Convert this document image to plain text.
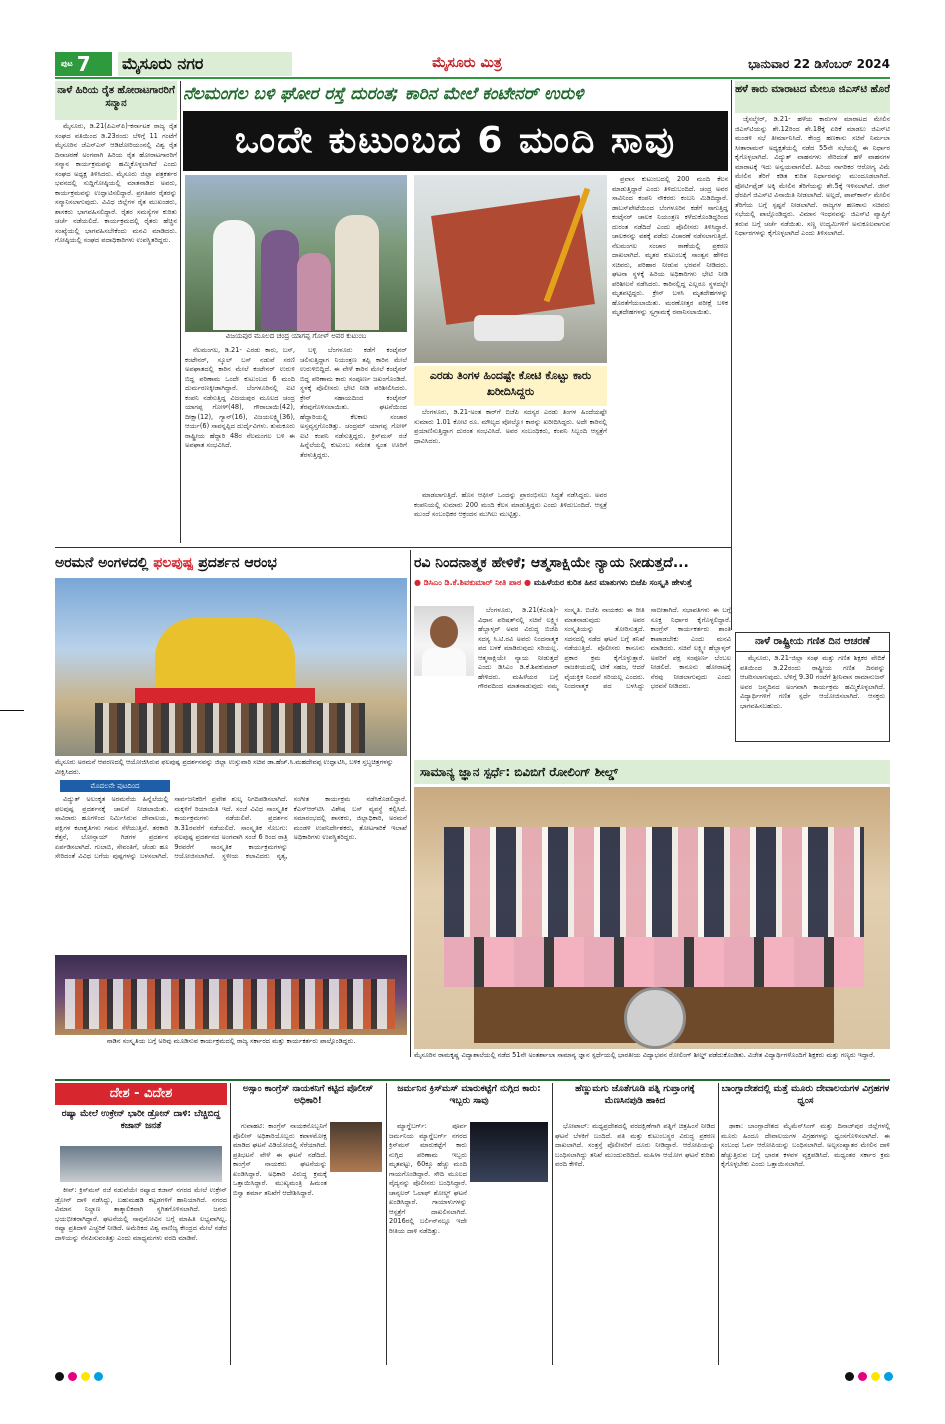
ಪುಟ 7 ಮೈಸೂರು ನಗರ	ಮೈಸೂರು ಮಿತ್ರ	ಭಾನುವಾರ 22 ಡಿಸೆಂಬರ್ 2024
ನಾಳೆ ಹಿರಿಯ ರೈತ ಹೋರಾಟಗಾರರಿಗೆ ಸನ್ಮಾನ

ಮೈಸೂರು, ಡಿ.21(ಪಿಎಸ್‌ಪಿ)-ಕರ್ನಾಟಕ ರಾಜ್ಯ ರೈತ ಸಂಘದ ವತಿಯಿಂದ ಡಿ.23ರಂದು ಬೆಳಿಗ್ಗೆ 11 ಗಂಟೆಗೆ ಮೈಸೂರಿನ ಜೆಎಸ್‌ಎಸ್ ಆಡಿಟೋರಿಯಂನಲ್ಲಿ ವಿಶ್ವ ರೈತ ದಿನಾಚರಣೆ ಅಂಗವಾಗಿ ಹಿರಿಯ ರೈತ ಹೋರಾಟಗಾರರಿಗೆ ಸನ್ಮಾನ ಕಾರ್ಯಕ್ರಮವನ್ನು ಹಮ್ಮಿಕೊಳ್ಳಲಾಗಿದೆ ಎಂದು ಸಂಘದ ಅಧ್ಯಕ್ಷ ತಿಳಿಸಿದರು. ಮೈಸೂರು ಜಿಲ್ಲಾ ಪತ್ರಕರ್ತರ ಭವನದಲ್ಲಿ ಸುದ್ದಿಗೋಷ್ಠಿಯಲ್ಲಿ ಮಾತನಾಡಿದ ಅವರು, ಕಾರ್ಯಕ್ರಮವನ್ನು ಉದ್ಘಾಟಿಸಲಿದ್ದಾರೆ. ಪ್ರಗತಿಪರ ರೈತರನ್ನು ಸನ್ಮಾನಿಸಲಾಗುವುದು. ವಿವಿಧ ಜಿಲ್ಲೆಗಳ ರೈತ ಮುಖಂಡರು, ಶಾಸಕರು ಭಾಗವಹಿಸಲಿದ್ದಾರೆ. ರೈತರ ಸಮಸ್ಯೆಗಳ ಕುರಿತು ಚರ್ಚೆ ನಡೆಯಲಿದೆ. ಕಾರ್ಯಕ್ರಮದಲ್ಲಿ ರೈತರು ಹೆಚ್ಚಿನ ಸಂಖ್ಯೆಯಲ್ಲಿ ಭಾಗವಹಿಸಬೇಕೆಂದು ಮನವಿ ಮಾಡಿದರು. ಗೋಷ್ಠಿಯಲ್ಲಿ ಸಂಘದ ಪದಾಧಿಕಾರಿಗಳು ಉಪಸ್ಥಿತರಿದ್ದರು.

ನೆಲಮಂಗಲ ಬಳಿ ಘೋರ ರಸ್ತೆ ದುರಂತ; ಕಾರಿನ ಮೇಲೆ ಕಂಟೇನರ್ ಉರುಳಿ
ಒಂದೇ ಕುಟುಂಬದ 6 ಮಂದಿ ಸಾವು
ವಿಜಯಪುರ ಮೂಲದ ಚಂದ್ರ ಯಾಗಪ್ಪ ಗೋಳ್ ಅವರ ಕುಟುಂಬ
ಎರಡು ತಿಂಗಳ ಹಿಂದಷ್ಟೇ ಕೋಟಿ ಕೊಟ್ಟು ಕಾರು ಖರೀದಿಸಿದ್ದರು

ಬೆಂಗಳೂರು, ಡಿ.21-ಅಂತ ಕಾರ್‌ಗೆ ಬಿಜೆಪಿ ಸದಸ್ಯರ ಎರಡು ತಿಂಗಳ ಹಿಂದೆಯಷ್ಟೇ ಸುಮಾರು 1.01 ಕೋಟಿ ರೂ. ಮೌಲ್ಯದ ವೋಲ್ವೋ ಕಾರನ್ನು ಖರೀದಿಸಿದ್ದರು. ಅದೇ ಕಾರಿನಲ್ಲಿ ಪ್ರಯಾಣಿಸುತ್ತಿದ್ದಾಗ ದುರಂತ ಸಂಭವಿಸಿದೆ. ಅವರ ಸಂಬಂಧಿಕರು, ಕಂಪನಿ ಸಿಬ್ಬಂದಿ ಆಸ್ಪತ್ರೆಗೆ ಧಾವಿಸಿದರು.

ಮಾಡಲಾಗುತ್ತಿದೆ. ಹೊಸ ಆಫೀಸ್ ಒಂದನ್ನು ಪ್ರಾರಂಭಿಸಲು ಸಿದ್ಧತೆ ನಡೆಸಿದ್ದರು. ಅವರ ಕಂಪನಿಯಲ್ಲಿ ಸುಮಾರು 200 ಮಂದಿ ಕೆಲಸ ಮಾಡುತ್ತಿದ್ದರು ಎಂದು ತಿಳಿದುಬಂದಿದೆ. ಆಸ್ಪತ್ರೆ ಮುಂದೆ ಸಂಬಂಧಿಕರ ಆಕ್ರಂದನ ಮುಗಿಲು ಮುಟ್ಟಿತ್ತು.

ನೆಲಮಂಗಲ, ಡಿ.21- ಎರಡು ಕಾರು, ಬಸ್, ಕಂಟೇನರ್, ಸ್ಕೂಲ್ ಬಸ್ ನಡುವೆ ಸರಣಿ ಅಪಘಾತದಲ್ಲಿ ಕಾರಿನ ಮೇಲೆ ಕಂಟೇನರ್ ಉರುಳಿ ಬಿದ್ದ ಪರಿಣಾಮ ಒಂದೇ ಕುಟುಂಬದ 6 ಮಂದಿ ದುರ್ಮರಣಕ್ಕೀಡಾಗಿದ್ದಾರೆ. ಬೆಂಗಳೂರಿನಲ್ಲಿ ಐಟಿ ಕಂಪನಿ ನಡೆಸುತ್ತಿದ್ದ ವಿಜಯಪುರ ಮೂಲದ ಚಂದ್ರ ಯಾಗಪ್ಪ ಗೋಳ್(48), ಗೌರಾಬಾಯಿ(42), ದೀಕ್ಷಾ(12), ಗ್ಯಾನ್(16), ವಿಜಯಲಕ್ಷ್ಮಿ(36), ಆರ್ಯ(6) ಸಾವನ್ನಪ್ಪಿದ ದುರ್ದೈವಿಗಳು. ತುಮಕೂರು ರಾಷ್ಟ್ರೀಯ ಹೆದ್ದಾರಿ 48ರ ನೆಲಮಂಗಲ ಬಳಿ ಈ ಅಪಘಾತ ಸಂಭವಿಸಿದೆ.

ಬಳ್ಳಿ ಬೆಂಗಳೂರು ಕಡೆಗೆ ಕಂಟೈನರ್ ಚಲಿಸುತ್ತಿದ್ದಾಗ ನಿಯಂತ್ರಣ ತಪ್ಪಿ ಕಾರಿನ ಮೇಲೆ ಉರುಳಿಬಿದ್ದಿದೆ. ಈ ವೇಳೆ ಕಾರಿನ ಮೇಲೆ ಕಂಟೈನರ್ ಬಿದ್ದ ಪರಿಣಾಮ ಕಾರು ಸಂಪೂರ್ಣ ಜಖಂಗೊಂಡಿದೆ. ಸ್ಥಳಕ್ಕೆ ಪೊಲೀಸರು ಭೇಟಿ ನೀಡಿ ಪರಿಶೀಲಿಸಿದರು. ಕ್ರೇನ್ ಸಹಾಯದಿಂದ ಕಂಟೈನರ್ ತೆರವುಗೊಳಿಸಲಾಯಿತು. ಘಟನೆಯಿಂದ ಹೆದ್ದಾರಿಯಲ್ಲಿ ಕೆಲಕಾಲ ಸಂಚಾರ ಅಸ್ತವ್ಯಸ್ತಗೊಂಡಿತ್ತು. ಚಂದ್ರಮ್ ಯಾಗಪ್ಪ ಗೋಳ್ ಐಟಿ ಕಂಪನಿ ನಡೆಸುತ್ತಿದ್ದರು. ಕ್ರಿಸ್‌ಮಸ್ ರಜೆ ಹಿನ್ನೆಲೆಯಲ್ಲಿ ಕುಟುಂಬ ಸಮೇತ ಸ್ವಂತ ಊರಿಗೆ ತೆರಳುತ್ತಿದ್ದರು.

ಪ್ರವಾಸ ಕುಟುಂಬದಲ್ಲಿ 200 ಮಂದಿ ಕೆಲಸ ಮಾಡುತ್ತಿದ್ದಾರೆ ಎಂದು ತಿಳಿದುಬಂದಿದೆ. ಚಂದ್ರ ಅವರ ಸಾವಿನಿಂದ ಕಂಪನಿ ನೌಕರರು ಕಂಬನಿ ಮಿಡಿದಿದ್ದಾರೆ. ಡಾಬಸ್‌ಪೇಟೆಯಿಂದ ಬೆಂಗಳೂರಿನ ಕಡೆಗೆ ಸಾಗುತ್ತಿದ್ದ ಕಂಟೈನರ್ ಚಾಲಕ ನಿಯಂತ್ರಣ ಕಳೆದುಕೊಂಡಿದ್ದರಿಂದ ದುರಂತ ನಡೆದಿದೆ ಎಂದು ಪೊಲೀಸರು ತಿಳಿಸಿದ್ದಾರೆ. ಚಾಲಕನನ್ನು ವಶಕ್ಕೆ ಪಡೆದು ವಿಚಾರಣೆ ನಡೆಸಲಾಗುತ್ತಿದೆ. ನೆಲಮಂಗಲ ಸಂಚಾರ ಠಾಣೆಯಲ್ಲಿ ಪ್ರಕರಣ ದಾಖಲಾಗಿದೆ. ಮೃತರ ಕುಟುಂಬಕ್ಕೆ ಸಾಂತ್ವನ ಹೇಳಿದ ಸಚಿವರು, ಪರಿಹಾರ ನೀಡುವ ಭರವಸೆ ನೀಡಿದರು. ಘಟನಾ ಸ್ಥಳಕ್ಕೆ ಹಿರಿಯ ಅಧಿಕಾರಿಗಳು ಭೇಟಿ ನೀಡಿ ಪರಿಶೀಲನೆ ನಡೆಸಿದರು. ಕಾರಿನಲ್ಲಿದ್ದ ಎಲ್ಲರೂ ಸ್ಥಳದಲ್ಲೇ ಮೃತಪಟ್ಟಿದ್ದರು. ಕ್ರೇನ್ ಬಳಸಿ ಮೃತದೇಹಗಳನ್ನು ಹೊರತೆಗೆಯಲಾಯಿತು. ಮರಣೋತ್ತರ ಪರೀಕ್ಷೆ ಬಳಿಕ ಮೃತದೇಹಗಳನ್ನು ಸ್ವಗ್ರಾಮಕ್ಕೆ ರವಾನಿಸಲಾಯಿತು.

ಹಳೆ ಕಾರು ಮಾರಾಟದ ಮೇಲೂ ಜಿಎಸ್‌ಟಿ ಹೊರೆ

ಜೈಸಲ್ಮೇರ್, ಡಿ.21- ಹಳೆಯ ಕಾರುಗಳ ಮಾರಾಟದ ಮೇಲಿನ ಜಿಎಸ್‌ಟಿಯನ್ನು ಶೇ.12ರಿಂದ ಶೇ.18ಕ್ಕೆ ಏರಿಕೆ ಮಾಡಲು ಜಿಎಸ್‌ಟಿ ಮಂಡಳಿ ಸಭೆ ತೀರ್ಮಾನಿಸಿದೆ. ಕೇಂದ್ರ ಹಣಕಾಸು ಸಚಿವೆ ನಿರ್ಮಲಾ ಸೀತಾರಾಮನ್ ಅಧ್ಯಕ್ಷತೆಯಲ್ಲಿ ನಡೆದ 55ನೇ ಸಭೆಯಲ್ಲಿ ಈ ನಿರ್ಧಾರ ಕೈಗೊಳ್ಳಲಾಗಿದೆ. ವಿದ್ಯುತ್ ವಾಹನಗಳು ಸೇರಿದಂತೆ ಹಳೆ ವಾಹನಗಳ ಮಾರಾಟಕ್ಕೆ ಇದು ಅನ್ವಯವಾಗಲಿದೆ. ಹಿರಿಯ ನಾಗರಿಕರ ಆರೋಗ್ಯ ವಿಮೆ ಮೇಲಿನ ತೆರಿಗೆ ಕಡಿತ ಕುರಿತ ನಿರ್ಧಾರವನ್ನು ಮುಂದೂಡಲಾಗಿದೆ. ಫೋರ್ಟಿಫೈಡ್ ಅಕ್ಕಿ ಮೇಲಿನ ತೆರಿಗೆಯನ್ನು ಶೇ.5ಕ್ಕೆ ಇಳಿಸಲಾಗಿದೆ. ಜೀನ್ ಥೆರಪಿಗೆ ಜಿಎಸ್‌ಟಿ ವಿನಾಯಿತಿ ನೀಡಲಾಗಿದೆ. ಅಲ್ಲದೆ, ಪಾಪ್‌ಕಾರ್ನ್ ಮೇಲಿನ ತೆರಿಗೆಯ ಬಗ್ಗೆ ಸ್ಪಷ್ಟನೆ ನೀಡಲಾಗಿದೆ. ರಾಜ್ಯಗಳ ಹಣಕಾಸು ಸಚಿವರು ಸಭೆಯಲ್ಲಿ ಪಾಲ್ಗೊಂಡಿದ್ದರು. ವಿಮಾನ ಇಂಧನವನ್ನು ಜಿಎಸ್‌ಟಿ ವ್ಯಾಪ್ತಿಗೆ ತರುವ ಬಗ್ಗೆ ಚರ್ಚೆ ನಡೆಯಿತು. ಸಣ್ಣ ಉದ್ಯಮಿಗಳಿಗೆ ಅನುಕೂಲವಾಗುವ ನಿರ್ಧಾರಗಳನ್ನು ಕೈಗೊಳ್ಳಲಾಗಿದೆ ಎಂದು ತಿಳಿಸಲಾಗಿದೆ.

ನಾಳೆ ರಾಷ್ಟ್ರೀಯ ಗಣಿತ ದಿನ ಆಚರಣೆ

ಮೈಸೂರು, ಡಿ.21-ಜಿಲ್ಲಾ ಸಂಘ ಮತ್ತು ಗಣಿತ ಶಿಕ್ಷಕರ ವೇದಿಕೆ ವತಿಯಿಂದ ಡಿ.22ರಂದು ರಾಷ್ಟ್ರೀಯ ಗಣಿತ ದಿನವನ್ನು ಆಚರಿಸಲಾಗುವುದು. ಬೆಳಿಗ್ಗೆ 9.30 ಗಂಟೆಗೆ ಶ್ರೀನಿವಾಸ ರಾಮಾನುಜನ್ ಅವರ ಜನ್ಮದಿನದ ಅಂಗವಾಗಿ ಕಾರ್ಯಕ್ರಮ ಹಮ್ಮಿಕೊಳ್ಳಲಾಗಿದೆ. ವಿದ್ಯಾರ್ಥಿಗಳಿಗೆ ಗಣಿತ ಸ್ಪರ್ಧೆ ಆಯೋಜಿಸಲಾಗಿದೆ. ಆಸಕ್ತರು ಭಾಗವಹಿಸಬಹುದು.

ಅರಮನೆ ಅಂಗಳದಲ್ಲಿ ಫಲಪುಷ್ಪ ಪ್ರದರ್ಶನ ಆರಂಭ
ಮೈಸೂರು ಅರಮನೆ ಆವರಣದಲ್ಲಿ ಆಯೋಜಿಸಿರುವ ಫಲಪುಷ್ಪ ಪ್ರದರ್ಶನವನ್ನು ಜಿಲ್ಲಾ ಉಸ್ತುವಾರಿ ಸಚಿವ ಡಾ.ಹೆಚ್.ಸಿ.ಮಹದೇವಪ್ಪ ಉದ್ಘಾಟಿಸಿ, ಬಳಿಕ ಸ್ತಬ್ಧಚಿತ್ರಗಳನ್ನು ವೀಕ್ಷಿಸಿದರು.
ಮೊದಲನೇ ಪುಟದಿಂದ

ವಿದ್ಯುತ್ ಅಲಂಕೃತ ಅರಮನೆಯ ಹಿನ್ನೆಲೆಯಲ್ಲಿ ಫಲಪುಷ್ಪ ಪ್ರದರ್ಶನಕ್ಕೆ ಚಾಲನೆ ನೀಡಲಾಯಿತು. ಸಾವಿರಾರು ಹೂಗಳಿಂದ ನಿರ್ಮಿಸಿರುವ ದೇವಾಲಯ, ಪಕ್ಷಿಗಳ ಕಲಾಕೃತಿಗಳು ಗಮನ ಸೆಳೆಯುತ್ತಿವೆ. ತರಕಾರಿ ಕೆತ್ತನೆ, ಬೋನ್ಸಾಯ್ ಗಿಡಗಳ ಪ್ರದರ್ಶನ ಏರ್ಪಡಿಸಲಾಗಿದೆ. ಗುಲಾಬಿ, ಸೇವಂತಿಗೆ, ಚೆಂಡು ಹೂ ಸೇರಿದಂತೆ ವಿವಿಧ ಬಗೆಯ ಪುಷ್ಪಗಳನ್ನು ಬಳಸಲಾಗಿದೆ. ಸಾರ್ವಜನಿಕರಿಗೆ ಪ್ರವೇಶ ಶುಲ್ಕ ನಿಗದಿಪಡಿಸಲಾಗಿದೆ. ಮಕ್ಕಳಿಗೆ ರಿಯಾಯಿತಿ ಇದೆ. ಸಂಜೆ ವಿವಿಧ ಸಾಂಸ್ಕೃತಿಕ ಕಾರ್ಯಕ್ರಮಗಳು ನಡೆಯಲಿವೆ. ಪ್ರದರ್ಶನ ಡಿ.31ರವರೆಗೆ ನಡೆಯಲಿದೆ. ಸಾಂಸ್ಕೃತಿಕ ಸೊಬಗು: ಫಲಪುಷ್ಪ ಪ್ರದರ್ಶನದ ಅಂಗವಾಗಿ ಸಂಜೆ 6 ರಿಂದ ರಾತ್ರಿ 9ರವರೆಗೆ ಸಾಂಸ್ಕೃತಿಕ ಕಾರ್ಯಕ್ರಮಗಳನ್ನು ಆಯೋಜಿಸಲಾಗಿದೆ. ಸ್ಥಳೀಯ ಕಲಾವಿದರು ನೃತ್ಯ, ಸಂಗೀತ ಕಾರ್ಯಕ್ರಮ ನಡೆಸಿಕೊಡಲಿದ್ದಾರೆ. ಕೆಎಸ್‌ಆರ್‌ಟಿಸಿ ವಿಶೇಷ ಬಸ್ ವ್ಯವಸ್ಥೆ ಕಲ್ಪಿಸಿದೆ. ಸಮಾರಂಭದಲ್ಲಿ ಶಾಸಕರು, ಜಿಲ್ಲಾಧಿಕಾರಿ, ಅರಮನೆ ಮಂಡಳಿ ಉಪನಿರ್ದೇಶಕರು, ತೋಟಗಾರಿಕೆ ಇಲಾಖೆ ಅಧಿಕಾರಿಗಳು ಉಪಸ್ಥಿತರಿದ್ದರು.

ನಾಡಿನ ಸಂಸ್ಕೃತಿಯ ಬಗ್ಗೆ ಅರಿವು ಮೂಡಿಸುವ ಕಾರ್ಯಕ್ರಮದಲ್ಲಿ ರಾಜ್ಯ ಸರ್ಕಾರದ ಮತ್ತು ಕಾರ್ಯಕರ್ತರು ಪಾಲ್ಗೊಂಡಿದ್ದರು.
ರವಿ ನಿಂದನಾತ್ಮಕ ಹೇಳಿಕೆ; ಆತ್ಮಸಾಕ್ಷಿಯೇ ನ್ಯಾಯ ನೀಡುತ್ತದೆ...
● ಡಿಸಿಎಂ ಡಿ.ಕೆ.ಶಿವಕುಮಾರ್ ನೀತಿ ಪಾಠ ● ಮಹಿಳೆಯರ ಕುರಿತ ಹೀನ ಮಾತುಗಳು ಬಿಜೆಪಿ ಸಂಸ್ಕೃತಿ ಹೇಳುತ್ತೆ

ಬೆಂಗಳೂರು, ಡಿ.21(ಕೆಎಂಶಿ)-ವಿಧಾನ ಪರಿಷತ್‌ನಲ್ಲಿ ಸಚಿವೆ ಲಕ್ಷ್ಮೀ ಹೆಬ್ಬಾಳ್ಕರ್ ಅವರ ವಿರುದ್ಧ ಬಿಜೆಪಿ ಸದಸ್ಯ ಸಿ.ಟಿ.ರವಿ ಅವರು ನಿಂದನಾತ್ಮಕ ಪದ ಬಳಕೆ ಮಾಡಿರುವುದು ಸರಿಯಲ್ಲ. ಆತ್ಮಸಾಕ್ಷಿಯೇ ನ್ಯಾಯ ನೀಡುತ್ತದೆ ಎಂದು ಡಿಸಿಎಂ ಡಿ.ಕೆ.ಶಿವಕುಮಾರ್ ಹೇಳಿದರು. ಮಹಿಳೆಯರ ಬಗ್ಗೆ ಗೌರವದಿಂದ ಮಾತನಾಡುವುದು ನಮ್ಮ ಸಂಸ್ಕೃತಿ. ಬಿಜೆಪಿ ನಾಯಕರು ಈ ರೀತಿ ಮಾತನಾಡುವುದು ಅವರ ಸಂಸ್ಕೃತಿಯನ್ನು ತೋರಿಸುತ್ತದೆ. ಸದನದಲ್ಲಿ ನಡೆದ ಘಟನೆ ಬಗ್ಗೆ ತನಿಖೆ ನಡೆಯುತ್ತಿದೆ. ಪೊಲೀಸರು ಕಾನೂನು ಪ್ರಕಾರ ಕ್ರಮ ಕೈಗೊಳ್ಳುತ್ತಾರೆ. ರಾಜಕೀಯದಲ್ಲಿ ಟೀಕೆ ಸಹಜ, ಆದರೆ ವೈಯಕ್ತಿಕ ನಿಂದನೆ ಸರಿಯಲ್ಲ ಎಂದರು. ನಿಂದನಾತ್ಮಕ ಪದ ಬಳಸಿದ್ದು ಸಾಬೀತಾಗಿದೆ. ಸಭಾಪತಿಗಳು ಈ ಬಗ್ಗೆ ಸೂಕ್ತ ನಿರ್ಧಾರ ಕೈಗೊಳ್ಳಲಿದ್ದಾರೆ. ಕಾಂಗ್ರೆಸ್ ಕಾರ್ಯಕರ್ತರು ಶಾಂತಿ ಕಾಪಾಡಬೇಕು ಎಂದು ಮನವಿ ಮಾಡಿದರು. ಸಚಿವೆ ಲಕ್ಷ್ಮೀ ಹೆಬ್ಬಾಳ್ಕರ್ ಅವರಿಗೆ ಪಕ್ಷ ಸಂಪೂರ್ಣ ಬೆಂಬಲ ನೀಡಲಿದೆ. ಕಾನೂನು ಹೋರಾಟಕ್ಕೆ ನೆರವು ನೀಡಲಾಗುವುದು ಎಂದು ಭರವಸೆ ನೀಡಿದರು.

ಸಾಮಾನ್ಯ ಜ್ಞಾನ ಸ್ಪರ್ಧೆ: ಬಿವಿಬಿಗೆ ರೋಲಿಂಗ್ ಶೀಲ್ಡ್
ಮೈಸೂರಿನ ರಾಮಕೃಷ್ಣ ವಿದ್ಯಾಶಾಲೆಯಲ್ಲಿ ನಡೆದ 51ನೇ ಅಂತರ್ಶಾಲಾ ಸಾಮಾನ್ಯ ಜ್ಞಾನ ಸ್ಪರ್ಧೆಯಲ್ಲಿ ಭಾರತೀಯ ವಿದ್ಯಾಭವನ ರೋಲಿಂಗ್ ಶೀಲ್ಡ್ ಪಡೆದುಕೊಂಡಿತು. ವಿಜೇತ ವಿದ್ಯಾರ್ಥಿಗಳೊಂದಿಗೆ ಶಿಕ್ಷಕರು ಮತ್ತು ಗಣ್ಯರು ಇದ್ದಾರೆ.
ದೇಶ - ವಿದೇಶ
ರಷ್ಯಾ ಮೇಲೆ ಉಕ್ರೇನ್ ಭಾರೀ ಡ್ರೋನ್ ದಾಳಿ: ಬೆಚ್ಚಿಬಿದ್ದ ಕಜಾನ್ ಜನತೆ

ಕೀವ್: ಕ್ರಿಸ್‌ಮಸ್ ರಜೆ ನಡುವೆಯೇ ರಷ್ಯಾದ ಕಜಾನ್ ನಗರದ ಮೇಲೆ ಉಕ್ರೇನ್ ಡ್ರೋನ್ ದಾಳಿ ನಡೆಸಿದ್ದು, ಬಹುಮಹಡಿ ಕಟ್ಟಡಗಳಿಗೆ ಹಾನಿಯಾಗಿದೆ. ನಗರದ ವಿಮಾನ ನಿಲ್ದಾಣ ತಾತ್ಕಾಲಿಕವಾಗಿ ಸ್ಥಗಿತಗೊಳಿಸಲಾಗಿದೆ. ಜನರು ಭಯಭೀತರಾಗಿದ್ದಾರೆ. ಘಟನೆಯಲ್ಲಿ ಸಾವುನೋವಿನ ಬಗ್ಗೆ ಮಾಹಿತಿ ಲಭ್ಯವಾಗಿಲ್ಲ. ರಷ್ಯಾ ಪ್ರತಿದಾಳಿ ಎಚ್ಚರಿಕೆ ನೀಡಿದೆ. ಅಮೆರಿಕದ ವಿಶ್ವ ವಾಣಿಜ್ಯ ಕೇಂದ್ರದ ಮೇಲೆ ನಡೆದ ದಾಳಿಯನ್ನು ನೆನಪಿಸುವಂತಿತ್ತು ಎಂದು ಮಾಧ್ಯಮಗಳು ವರದಿ ಮಾಡಿವೆ.

ಅಸ್ಸಾಂ ಕಾಂಗ್ರೆಸ್ ನಾಯಕನಿಗೆ ಕಟ್ಟಿದ ಪೊಲೀಸ್ ಅಧಿಕಾರಿ!

ಗುವಾಹಟಿ: ಕಾಂಗ್ರೆಸ್ ನಾಯಕನೊಬ್ಬನಿಗೆ ಪೊಲೀಸ್ ಅಧಿಕಾರಿಯೊಬ್ಬರು ಕಪಾಳಮೋಕ್ಷ ಮಾಡಿದ ಘಟನೆ ವಿಡಿಯೋದಲ್ಲಿ ಸೆರೆಯಾಗಿದೆ. ಪ್ರತಿಭಟನೆ ವೇಳೆ ಈ ಘಟನೆ ನಡೆದಿದೆ. ಕಾಂಗ್ರೆಸ್ ನಾಯಕರು ಘಟನೆಯನ್ನು ಖಂಡಿಸಿದ್ದಾರೆ. ಅಧಿಕಾರಿ ವಿರುದ್ಧ ಕ್ರಮಕ್ಕೆ ಒತ್ತಾಯಿಸಿದ್ದಾರೆ. ಮುಖ್ಯಮಂತ್ರಿ ಹಿಮಂತ ಬಿಸ್ವಾ ಶರ್ಮಾ ತನಿಖೆಗೆ ಆದೇಶಿಸಿದ್ದಾರೆ.

ಜರ್ಮನಿನ ಕ್ರಿಸ್‌ಮಸ್ ಮಾರುಕಟ್ಟೆಗೆ ನುಗ್ಗಿದ ಕಾರು: ಇಬ್ಬರು ಸಾವು

ಮ್ಯಾಗ್ಡೆಬರ್ಗ್: ಪೂರ್ವ ಜರ್ಮನಿಯ ಮ್ಯಾಗ್ಡೆಬರ್ಗ್ ನಗರದ ಕ್ರಿಸ್‌ಮಸ್ ಮಾರುಕಟ್ಟೆಗೆ ಕಾರು ನುಗ್ಗಿದ ಪರಿಣಾಮ ಇಬ್ಬರು ಮೃತಪಟ್ಟು, 60ಕ್ಕೂ ಹೆಚ್ಚು ಮಂದಿ ಗಾಯಗೊಂಡಿದ್ದಾರೆ. ಸೌದಿ ಮೂಲದ ವೈದ್ಯನನ್ನು ಪೊಲೀಸರು ಬಂಧಿಸಿದ್ದಾರೆ. ಚಾನ್ಸಲರ್ ಓಲಾಫ್ ಶೋಲ್ಜ್ ಘಟನೆ ಖಂಡಿಸಿದ್ದಾರೆ. ಗಾಯಾಳುಗಳನ್ನು ಆಸ್ಪತ್ರೆಗೆ ದಾಖಲಿಸಲಾಗಿದೆ. 2016ರಲ್ಲಿ ಬರ್ಲಿನ್‌ನಲ್ಲೂ ಇದೇ ರೀತಿಯ ದಾಳಿ ನಡೆದಿತ್ತು.

ಹೆಣ್ಣುಮಗು ಜೊತೆಗೂಡಿ ಪತ್ನಿ ಗುಪ್ತಾಂಗಕ್ಕೆ ಮೆಣಸಿನಪುಡಿ ಹಾಕಿದ

ಭೋಪಾಲ್: ಮಧ್ಯಪ್ರದೇಶದಲ್ಲಿ ವರದಕ್ಷಿಣೆಗಾಗಿ ಪತ್ನಿಗೆ ಚಿತ್ರಹಿಂಸೆ ನೀಡಿದ ಘಟನೆ ಬೆಳಕಿಗೆ ಬಂದಿದೆ. ಪತಿ ಮತ್ತು ಕುಟುಂಬಸ್ಥರ ವಿರುದ್ಧ ಪ್ರಕರಣ ದಾಖಲಾಗಿದೆ. ಸಂತ್ರಸ್ತೆ ಪೊಲೀಸರಿಗೆ ದೂರು ನೀಡಿದ್ದಾರೆ. ಆರೋಪಿಯನ್ನು ಬಂಧಿಸಲಾಗಿದ್ದು ತನಿಖೆ ಮುಂದುವರಿದಿದೆ. ಮಹಿಳಾ ಆಯೋಗ ಘಟನೆ ಕುರಿತು ವರದಿ ಕೇಳಿದೆ.

ಬಾಂಗ್ಲಾದೇಶದಲ್ಲಿ ಮತ್ತೆ ಮೂರು ದೇವಾಲಯಗಳ ವಿಗ್ರಹಗಳ ಧ್ವಂಸ

ಢಾಕಾ: ಬಾಂಗ್ಲಾದೇಶದ ಮೈಮೆನ್‌ಸಿಂಗ್ ಮತ್ತು ದಿನಾಜ್‌ಪುರ ಜಿಲ್ಲೆಗಳಲ್ಲಿ ಮೂರು ಹಿಂದೂ ದೇವಾಲಯಗಳ ವಿಗ್ರಹಗಳನ್ನು ಧ್ವಂಸಗೊಳಿಸಲಾಗಿದೆ. ಈ ಸಂಬಂಧ ಓರ್ವ ಆರೋಪಿಯನ್ನು ಬಂಧಿಸಲಾಗಿದೆ. ಅಲ್ಪಸಂಖ್ಯಾತರ ಮೇಲಿನ ದಾಳಿ ಹೆಚ್ಚುತ್ತಿರುವ ಬಗ್ಗೆ ಭಾರತ ಕಳವಳ ವ್ಯಕ್ತಪಡಿಸಿದೆ. ಮಧ್ಯಂತರ ಸರ್ಕಾರ ಕ್ರಮ ಕೈಗೊಳ್ಳಬೇಕು ಎಂದು ಒತ್ತಾಯಿಸಲಾಗಿದೆ.
